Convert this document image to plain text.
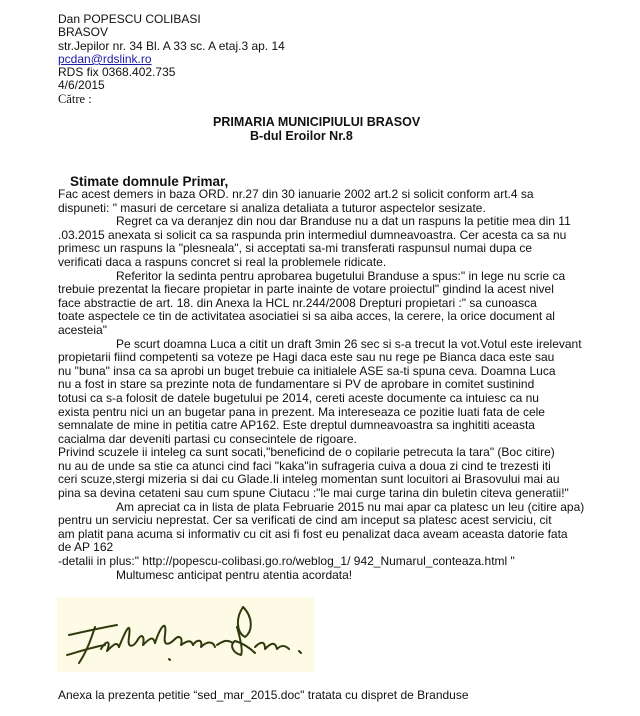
Dan POPESCU COLIBASI
BRASOV
str.Jepilor nr. 34 Bl. A 33 sc. A etaj.3 ap. 14
pcdan@rdslink.ro
RDS fix 0368.402.735
4/6/2015
Către :
PRIMARIA MUNICIPIULUI BRASOV
B-dul Eroilor Nr.8
Stimate domnule Primar,
Fac acest demers in baza ORD. nr.27 din 30 ianuarie 2002 art.2 si solicit conform art.4 sa
dispuneti: " masuri de cercetare si analiza detaliata a tuturor aspectelor sesizate.
Regret ca va deranjez din nou dar Branduse nu a dat un raspuns la petitie mea din 11
.03.2015 anexata si solicit ca sa raspunda prin intermediul dumneavoastra. Cer acesta ca sa nu
primesc un raspuns la "plesneala", si acceptati sa-mi transferati raspunsul numai dupa ce
verificati daca a raspuns concret si real la problemele ridicate.
Referitor la sedinta pentru aprobarea bugetului Branduse a spus:" in lege nu scrie ca
trebuie prezentat la fiecare propietar in parte inainte de votare proiectul" gindind la acest nivel
face abstractie de art. 18. din Anexa la HCL nr.244/2008 Drepturi propietari :" sa cunoasca
toate aspectele ce tin de activitatea asociatiei si sa aiba acces, la cerere, la orice document al
acesteia"
Pe scurt doamna Luca a citit un draft 3min 26 sec si s-a trecut la vot.Votul este irelevant
propietarii fiind competenti sa voteze pe Hagi daca este sau nu rege pe Bianca daca este sau
nu "buna" insa ca sa aprobi un buget trebuie ca initialele ASE sa-ti spuna ceva. Doamna Luca
nu a fost in stare sa prezinte nota de fundamentare si PV de aprobare in comitet sustinind
totusi ca s-a folosit de datele bugetului pe 2014, cereti aceste documente ca intuiesc ca nu
exista pentru nici un an bugetar pana in prezent. Ma intereseaza ce pozitie luati fata de cele
semnalate de mine in petitia catre AP162. Este dreptul dumneavoastra sa inghititi aceasta
cacialma dar deveniti partasi cu consecintele de rigoare.
Privind scuzele ii inteleg ca sunt socati,"beneficind de o copilarie petrecuta la tara" (Boc citire)
nu au de unde sa stie ca atunci cind faci "kaka"in sufrageria cuiva a doua zi cind te trezesti iti
ceri scuze,stergi mizeria si dai cu Glade.Ii inteleg momentan sunt locuitori ai Brasovului mai au
pina sa devina cetateni sau cum spune Ciutacu :"le mai curge tarina din buletin citeva generatii!"
Am apreciat ca in lista de plata Februarie 2015 nu mai apar ca platesc un leu (citire apa)
pentru un serviciu neprestat. Cer sa verificati de cind am inceput sa platesc acest serviciu, cit
am platit pana acuma si informativ cu cit asi fi fost eu penalizat daca aveam aceasta datorie fata
de AP 162
-detalii in plus:" http://popescu-colibasi.go.ro/weblog_1/ 942_Numarul_conteaza.html "
Multumesc anticipat pentru atentia acordata!
Anexa la prezenta petitie “sed_mar_2015.doc" tratata cu dispret de Branduse
